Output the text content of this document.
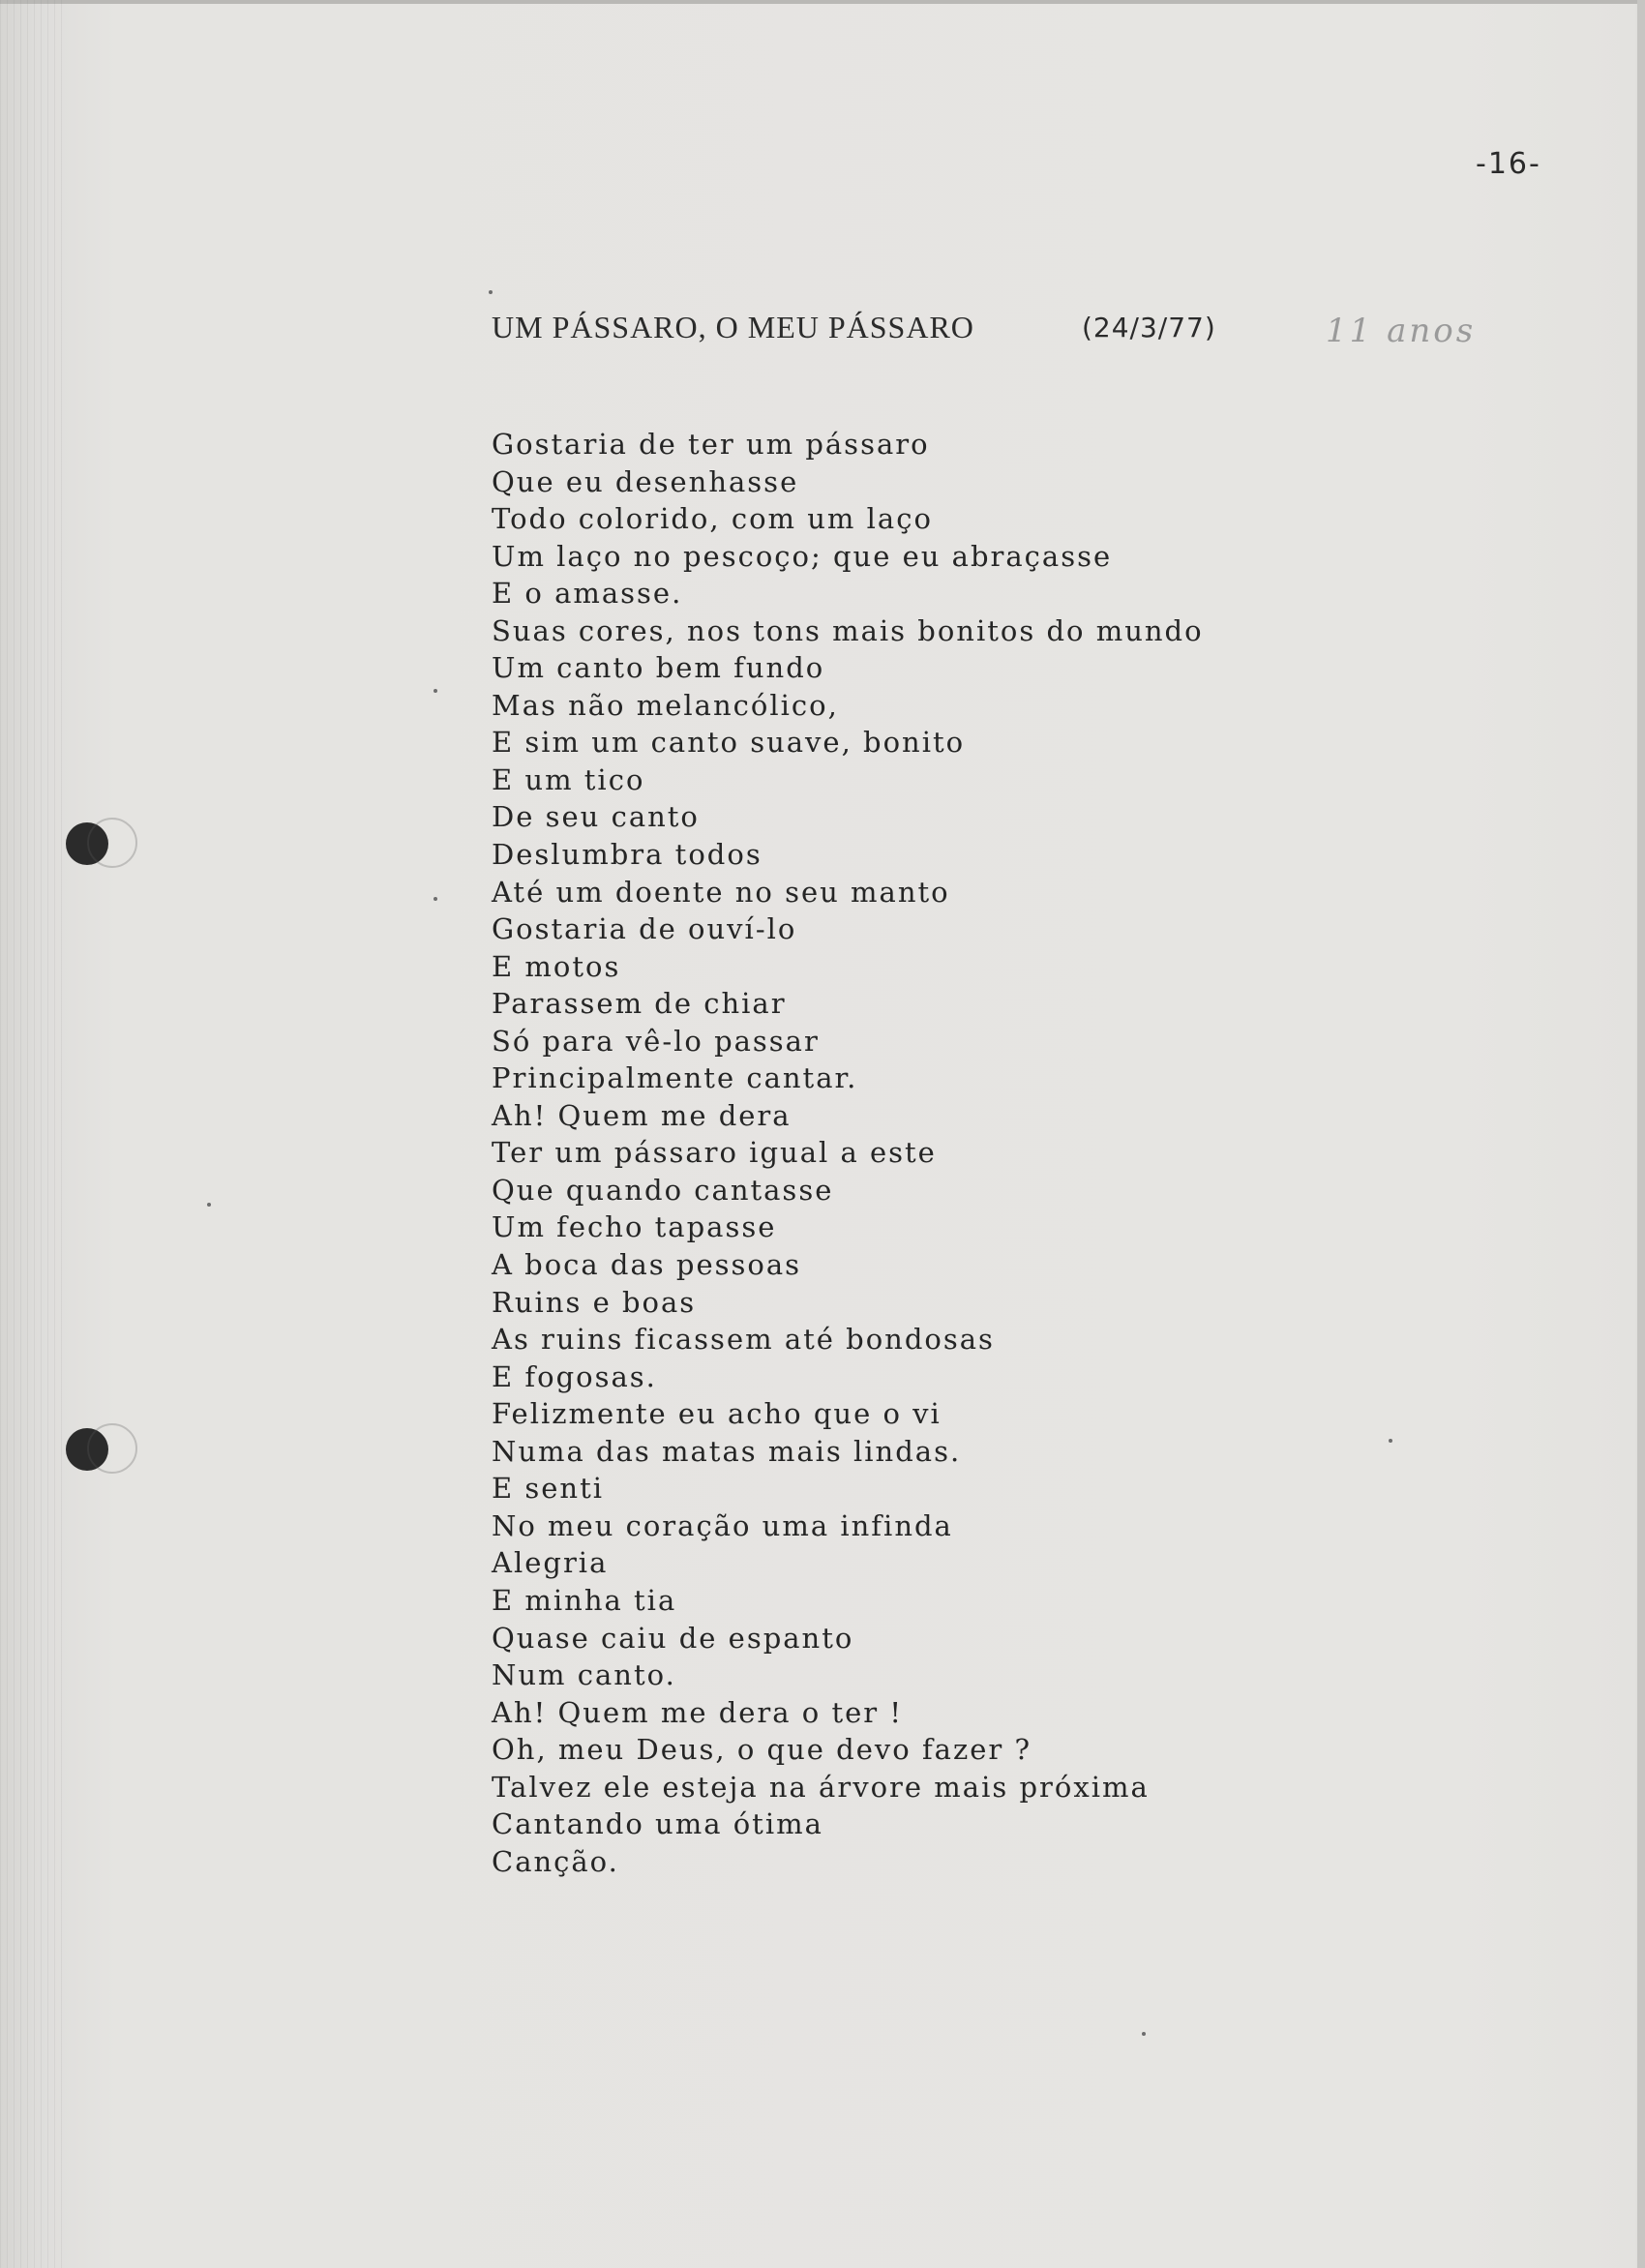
-16-
UM PÁSSARO, O MEU PÁSSARO	(24/3/77)	11 anos
Gostaria de ter um pássaro
Que eu desenhasse
Todo colorido, com um laço
Um laço no pescoço; que eu abraçasse
E o amasse.
Suas cores, nos tons mais bonitos do mundo
Um canto bem fundo
Mas não melancólico,
E sim um canto suave, bonito
E um tico
De seu canto
Deslumbra todos
Até um doente no seu manto
Gostaria de ouví-lo
E motos
Parassem de chiar
Só para vê-lo passar
Principalmente cantar.
Ah! Quem me dera
Ter um pássaro igual a este
Que quando cantasse
Um fecho tapasse
A boca das pessoas
Ruins e boas
As ruins ficassem até bondosas
E fogosas.
Felizmente eu acho que o vi
Numa das matas mais lindas.
E senti
No meu coração uma infinda
Alegria
E minha tia
Quase caiu de espanto
Num canto.
Ah! Quem me dera o ter !
Oh, meu Deus, o que devo fazer ?
Talvez ele esteja na árvore mais próxima
Cantando uma ótima
Canção.
